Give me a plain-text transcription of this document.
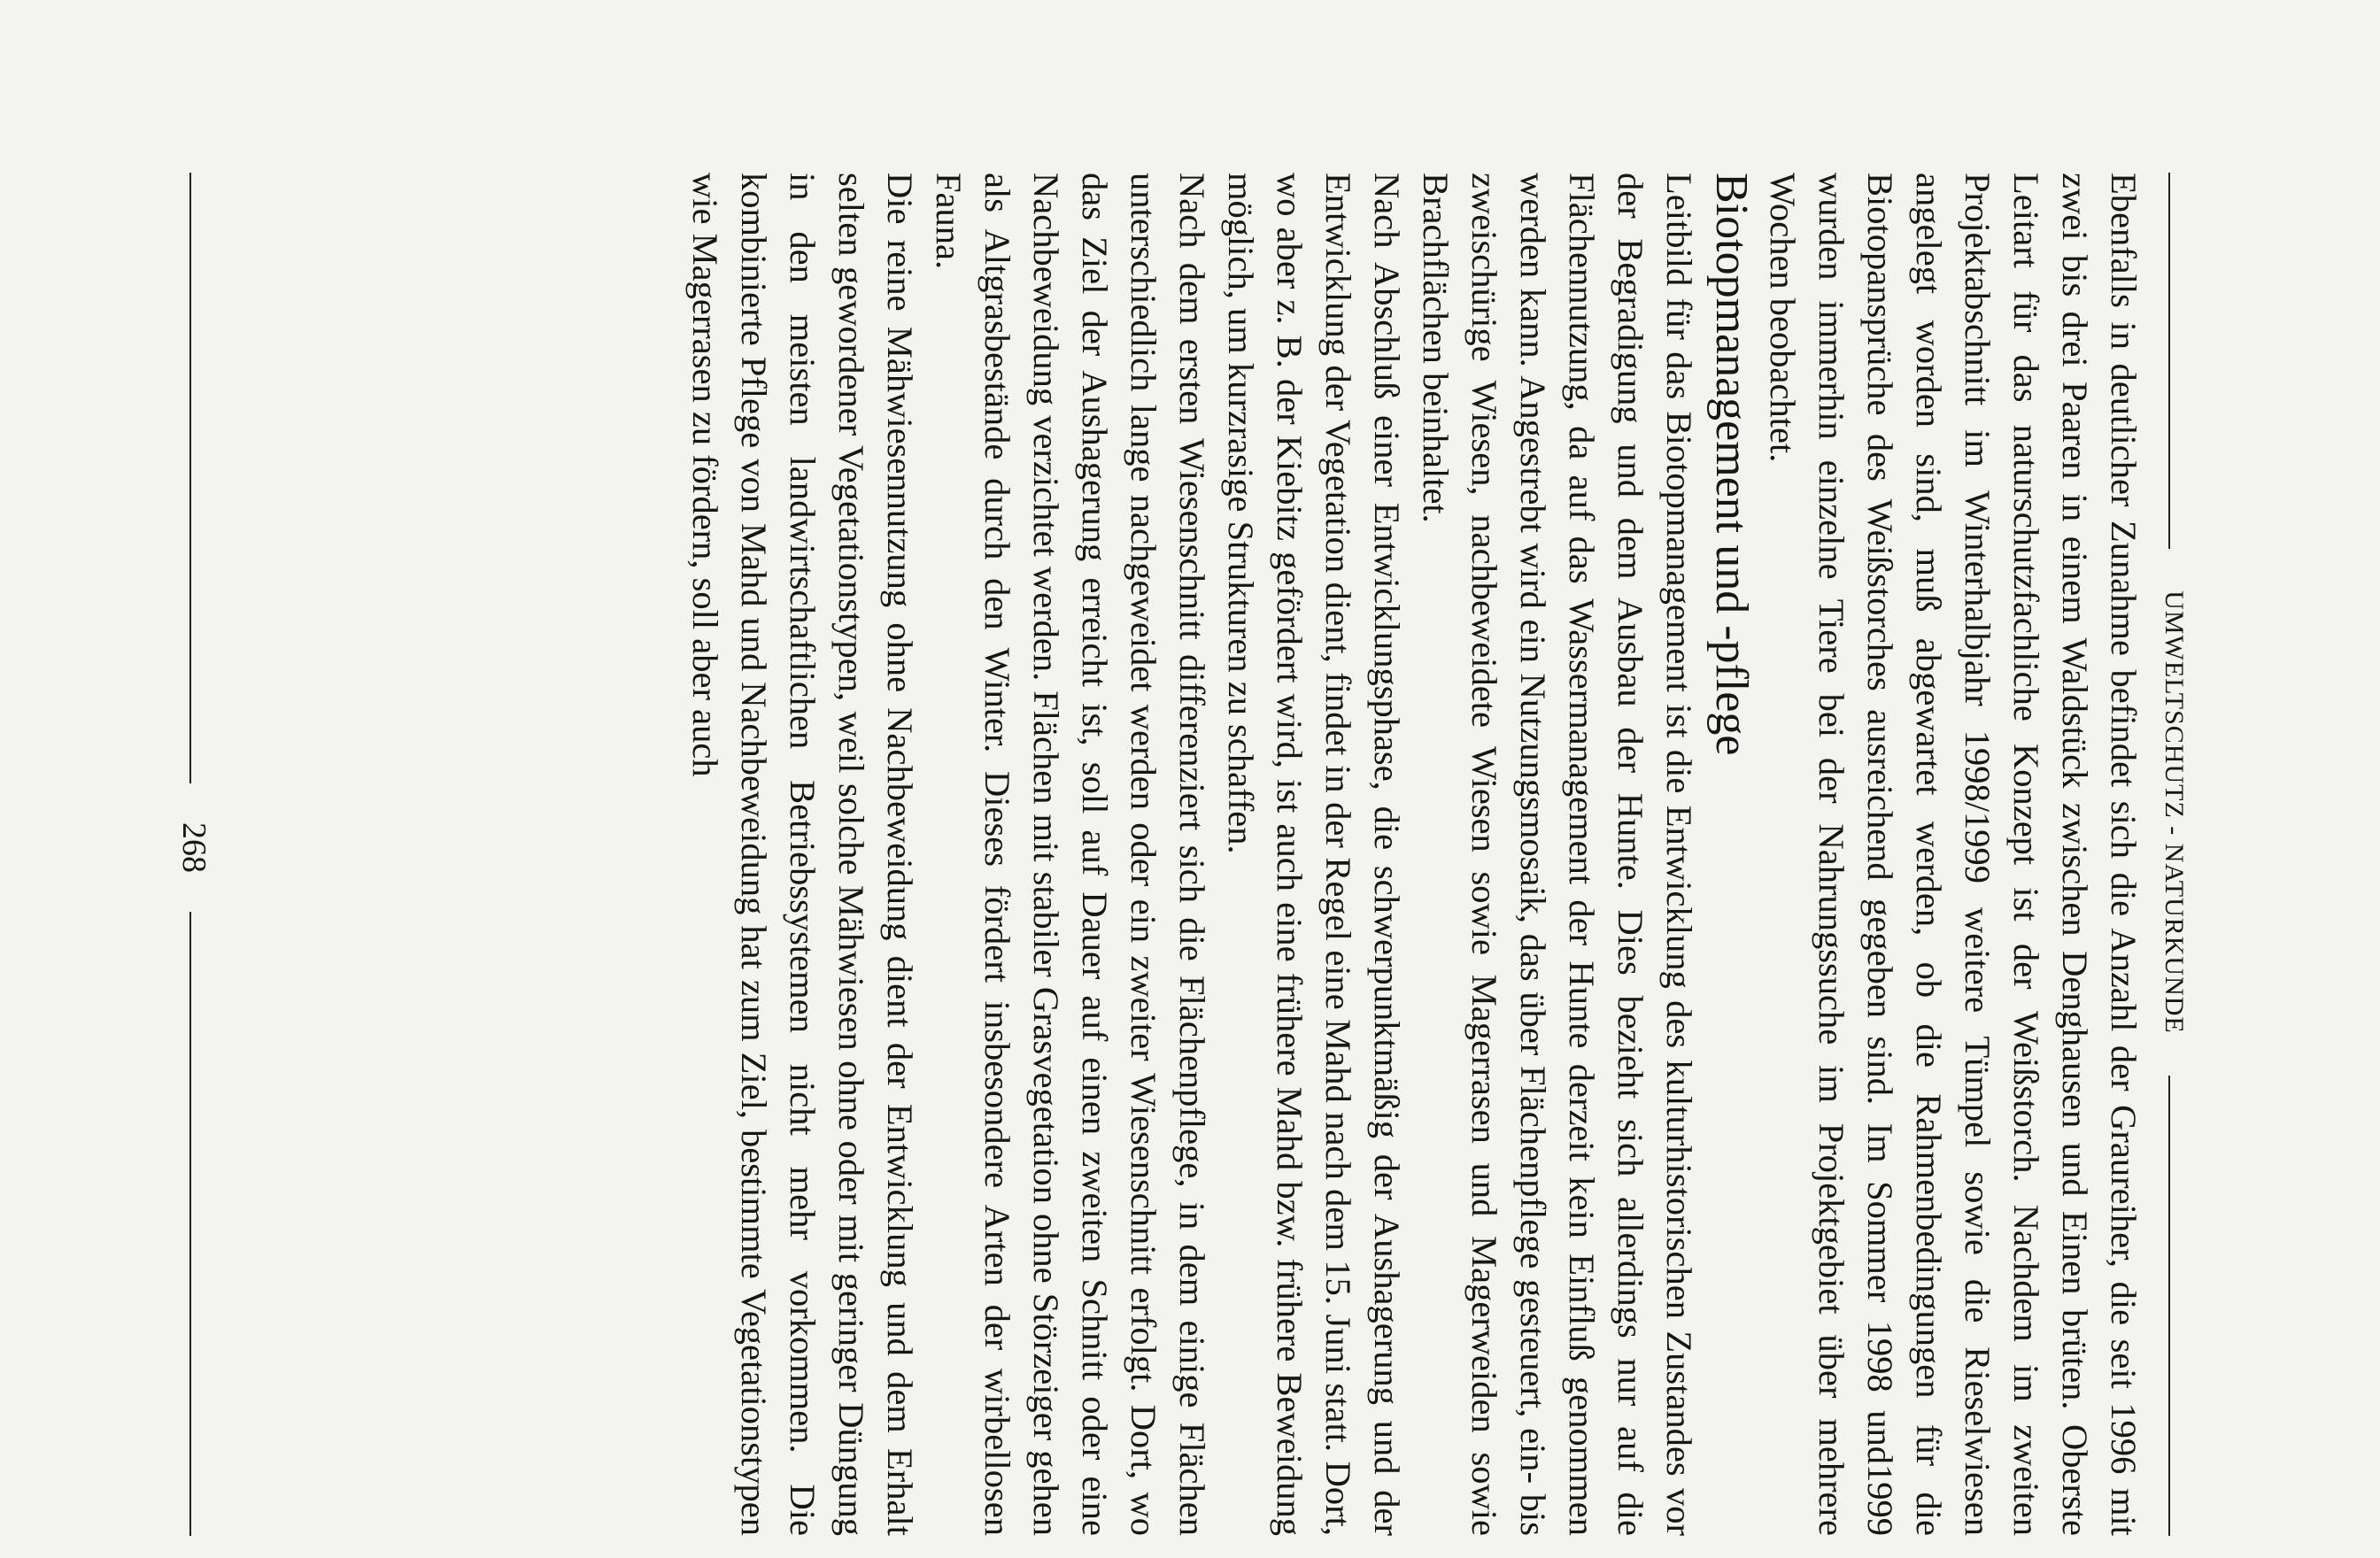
UMWELTSCHUTZ - NATURKUNDE

Ebenfalls in deutlicher Zunahme befindet sich die Anzahl der Graureiher, die seit 1996 mit zwei bis drei Paaren in einem Waldstück zwischen Denghausen und Einen brüten. Oberste Leitart für das naturschutzfachliche Konzept ist der Weißstorch. Nachdem im zweiten Projektabschnitt im Winterhalbjahr 1998/1999 weitere Tümpel sowie die Rieselwiesen angelegt worden sind, muß abgewartet werden, ob die Rahmenbedingungen für die Biotopansprüche des Weißstorches ausreichend gegeben sind. Im Sommer 1998 und1999 wurden immerhin einzelne Tiere bei der Nahrungssuche im Projektgebiet über mehrere Wochen beobachtet.

Biotopmanagement und -pflege

Leitbild für das Biotopmanagement ist die Entwicklung des kulturhistorischen Zustandes vor der Begradigung und dem Ausbau der Hunte. Dies bezieht sich allerdings nur auf die Flächennutzung, da auf das Wassermanagement der Hunte derzeit kein Einfluß genommen werden kann. Angestrebt wird ein Nutzungsmosaik, das über Flächenpflege gesteuert, ein- bis zweischürige Wiesen, nachbeweidete Wiesen sowie Magerrasen und Magerweiden sowie Brachflächen beinhaltet.

Nach Abschluß einer Entwicklungsphase, die schwerpunktmäßig der Aushagerung und der Entwicklung der Vegetation dient, findet in der Regel eine Mahd nach dem 15. Juni statt. Dort, wo aber z. B. der Kiebitz gefördert wird, ist auch eine frühere Mahd bzw. frühere Beweidung möglich, um kurzrasige Strukturen zu schaffen.

Nach dem ersten Wiesenschnitt differenziert sich die Flächenpflege, in dem einige Flächen unterschiedlich lange nachgeweidet werden oder ein zweiter Wiesenschnitt erfolgt. Dort, wo das Ziel der Aushagerung erreicht ist, soll auf Dauer auf einen zweiten Schnitt oder eine Nachbeweidung verzichtet werden. Flächen mit stabiler Grasvegetation ohne Störzeiger gehen als Altgrasbestände durch den Winter. Dieses fördert insbesondere Arten der wirbellosen Fauna.

Die reine Mähwiesennutzung ohne Nachbeweidung dient der Entwicklung und dem Erhalt selten gewordener Vegetationstypen, weil solche Mähwiesen ohne oder mit geringer Düngung in den meisten landwirtschaftlichen Betriebssystemen nicht mehr vorkommen. Die kombinierte Pflege von Mahd und Nachbeweidung hat zum Ziel, bestimmte Vegetationstypen wie Magerrasen zu fördern, soll aber auch

268
